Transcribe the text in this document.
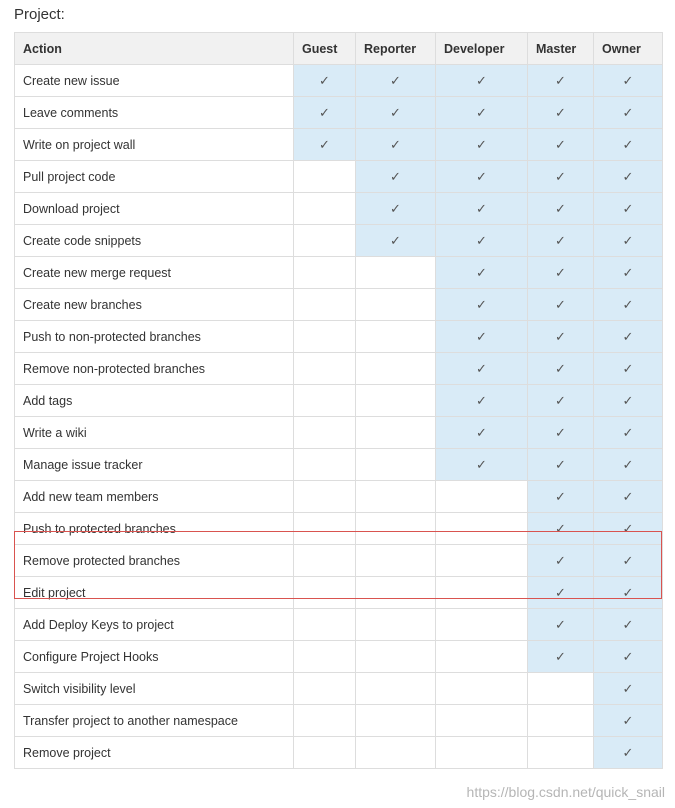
Project:
Action	Guest	Reporter	Developer	Master	Owner
Create new issue	✓	✓	✓	✓	✓
Leave comments	✓	✓	✓	✓	✓
Write on project wall	✓	✓	✓	✓	✓
Pull project code		✓	✓	✓	✓
Download project		✓	✓	✓	✓
Create code snippets		✓	✓	✓	✓
Create new merge request			✓	✓	✓
Create new branches			✓	✓	✓
Push to non-protected branches			✓	✓	✓
Remove non-protected branches			✓	✓	✓
Add tags			✓	✓	✓
Write a wiki			✓	✓	✓
Manage issue tracker			✓	✓	✓
Add new team members				✓	✓
Push to protected branches				✓	✓
Remove protected branches				✓	✓
Edit project				✓	✓
Add Deploy Keys to project				✓	✓
Configure Project Hooks				✓	✓
Switch visibility level					✓
Transfer project to another namespace					✓
Remove project					✓
https://blog.csdn.net/quick_snail
